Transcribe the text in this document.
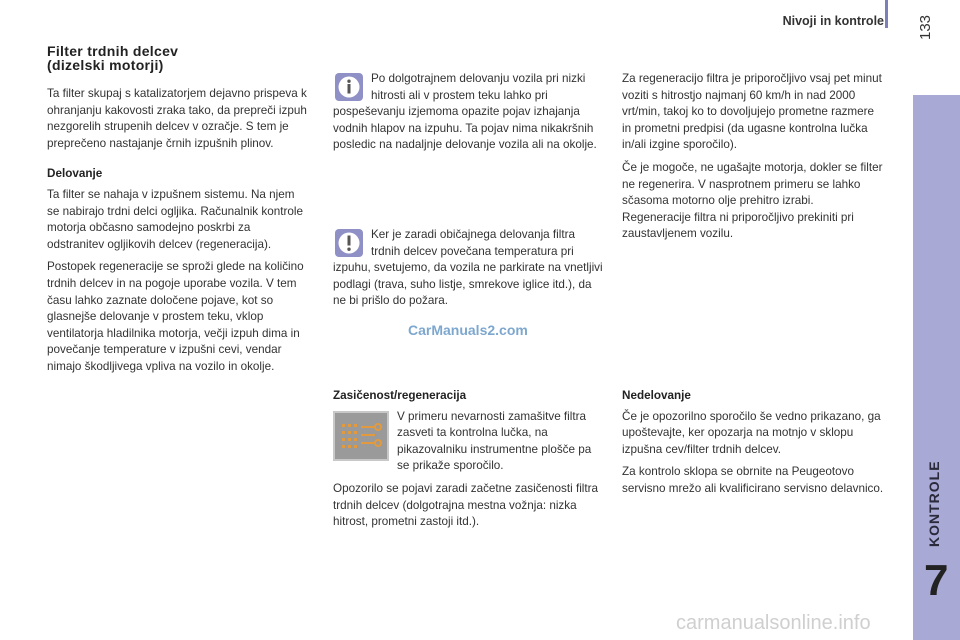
Nivoji in kontrole 133
KONTROLE
7
Filter trdnih delcev
(dizelski motorji)

Ta filter skupaj s katalizatorjem dejavno prispeva k ohranjanju kakovosti zraka tako, da prepreči izpuh nezgorelih strupenih delcev v ozračje. S tem je preprečeno nastajanje črnih izpušnih plinov.

Delovanje

Ta filter se nahaja v izpušnem sistemu. Na njem se nabirajo trdni delci ogljika. Računalnik kontrole motorja občasno samodejno poskrbi za odstranitev ogljikovih delcev (regeneracija).

Postopek regeneracije se sproži glede na količino trdnih delcev in na pogoje uporabe vozila. V tem času lahko zaznate določene pojave, kot so glasnejše delovanje v prostem teku, vklop ventilatorja hladilnika motorja, večji izpuh dima in povečanje temperature v izpušni cevi, vendar nimajo škodljivega vpliva na vozilo in okolje.

Po dolgotrajnem delovanju vozila pri nizki hitrosti ali v prostem teku lahko pri pospeševanju izjemoma opazite pojav izhajanja vodnih hlapov na izpuhu. Ta pojav nima nikakršnih posledic na nadaljnje delovanje vozila ali na okolje.
Ker je zaradi običajnega delovanja filtra trdnih delcev povečana temperatura pri izpuhu, svetujemo, da vozila ne parkirate na vnetljivi podlagi (trava, suho listje, smrekove iglice itd.), da ne bi prišlo do požara.
CarManuals2.com

Zasičenost/regeneracija

V primeru nevarnosti zamašitve filtra zasveti ta kontrolna lučka, na pikazovalniku instrumentne plošče pa se prikaže sporočilo.

Opozorilo se pojavi zaradi začetne zasičenosti filtra trdnih delcev (dolgotrajna mestna vožnja: nizka hitrost, prometni zastoji itd.).

Za regeneracijo filtra je priporočljivo vsaj pet minut voziti s hitrostjo najmanj 60 km/h in nad 2000 vrt/min, takoj ko to dovoljujejo prometne razmere in prometni predpisi (da ugasne kontrolna lučka in/ali izgine sporočilo).

Če je mogoče, ne ugašajte motorja, dokler se filter ne regenerira. V nasprotnem primeru se lahko sčasoma motorno olje prehitro izrabi. Regeneracije filtra ni priporočljivo prekiniti pri zaustavljenem vozilu.

Nedelovanje

Če je opozorilno sporočilo še vedno prikazano, ga upoštevajte, ker opozarja na motnjo v sklopu izpušna cev/filter trdnih delcev.

Za kontrolo sklopa se obrnite na Peugeotovo servisno mrežo ali kvalificirano servisno delavnico.

carmanualsonline.info
